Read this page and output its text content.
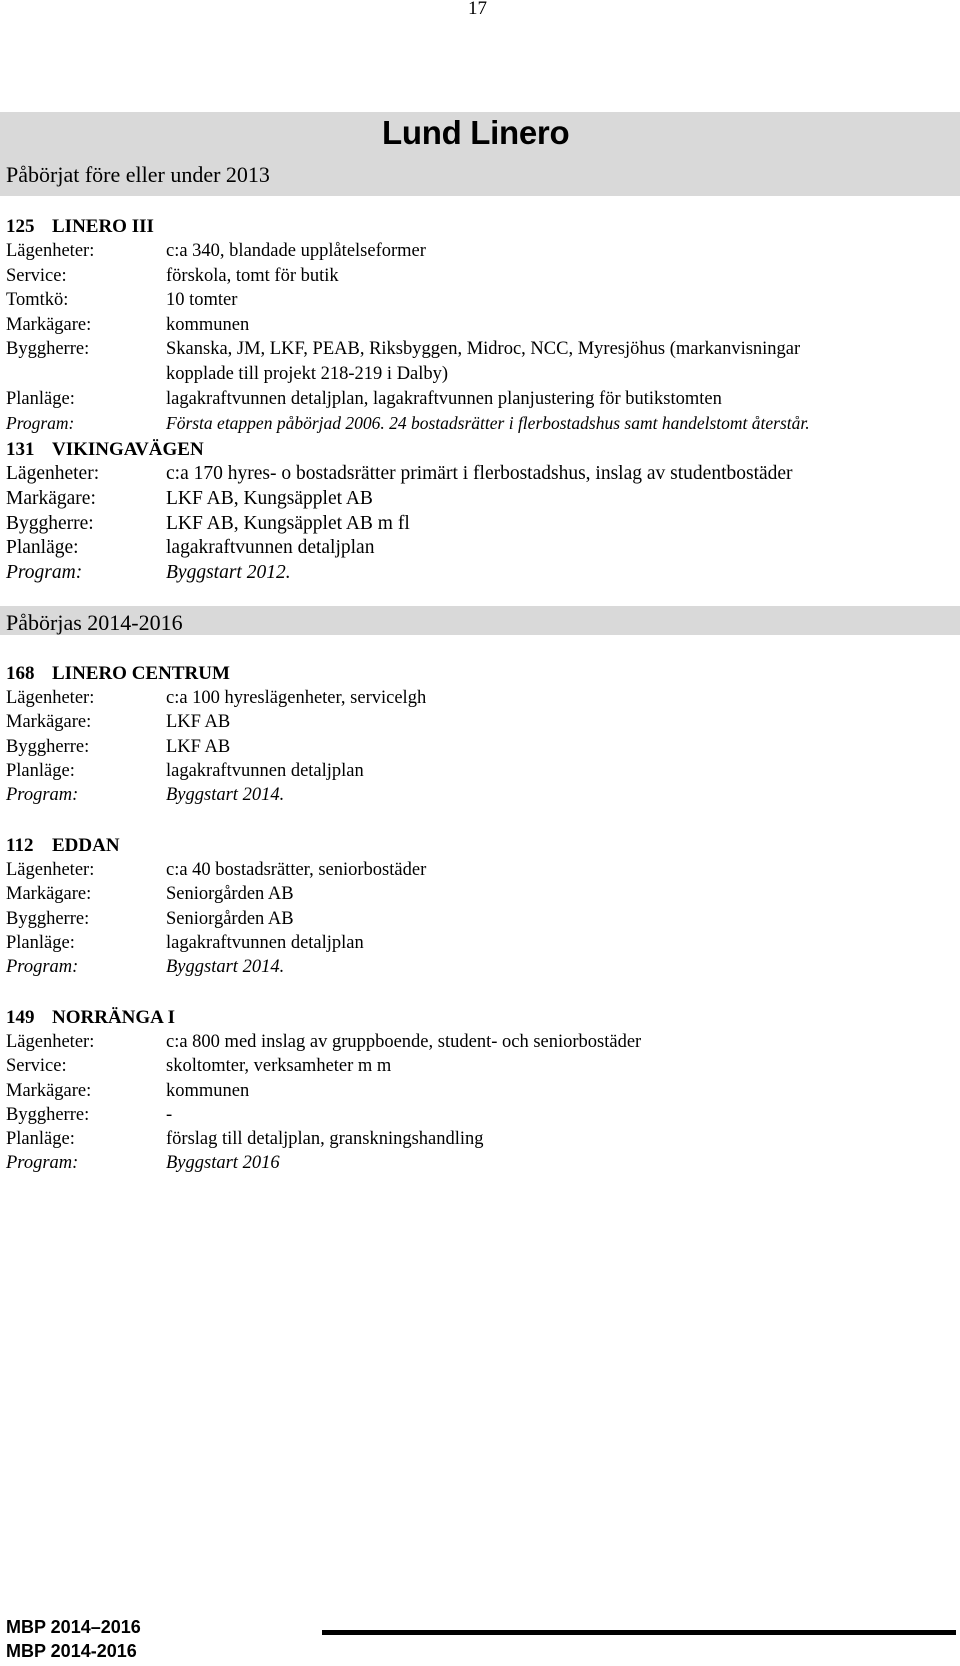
17
Lund Linero
Påbörjat före eller under 2013
125 LINERO III
Lägenheter:	c:a 340, blandade upplåtelseformer
Service:	förskola, tomt för butik
Tomtkö:	10 tomter
Markägare:	kommunen
Byggherre:	Skanska, JM, LKF, PEAB, Riksbyggen, Midroc, NCC, Myresjöhus (markanvisningar
kopplade till projekt 218-219 i Dalby)
Planläge:	lagakraftvunnen detaljplan, lagakraftvunnen planjustering för butikstomten
Program:	Första etappen påbörjad 2006. 24 bostadsrätter i flerbostadshus samt handelstomt återstår.
131 VIKINGAVÄGEN
Lägenheter:	c:a 170 hyres- o bostadsrätter primärt i flerbostadshus, inslag av studentbostäder
Markägare:	LKF AB, Kungsäpplet AB
Byggherre:	LKF AB, Kungsäpplet AB m fl
Planläge:	lagakraftvunnen detaljplan
Program:	Byggstart 2012.
Påbörjas 2014-2016
168 LINERO CENTRUM
Lägenheter:	c:a 100 hyreslägenheter, servicelgh
Markägare:	LKF AB
Byggherre:	LKF AB
Planläge:	lagakraftvunnen detaljplan
Program:	Byggstart 2014.
112 EDDAN
Lägenheter:	c:a 40 bostadsrätter, seniorbostäder
Markägare:	Seniorgården AB
Byggherre:	Seniorgården AB
Planläge:	lagakraftvunnen detaljplan
Program:	Byggstart 2014.
149 NORRÄNGA I
Lägenheter:	c:a 800 med inslag av gruppboende, student- och seniorbostäder
Service:	skoltomter, verksamheter m m
Markägare:	kommunen
Byggherre:	-
Planläge:	förslag till detaljplan, granskningshandling
Program:	Byggstart 2016
MBP 2014–2016
MBP 2014-2016
